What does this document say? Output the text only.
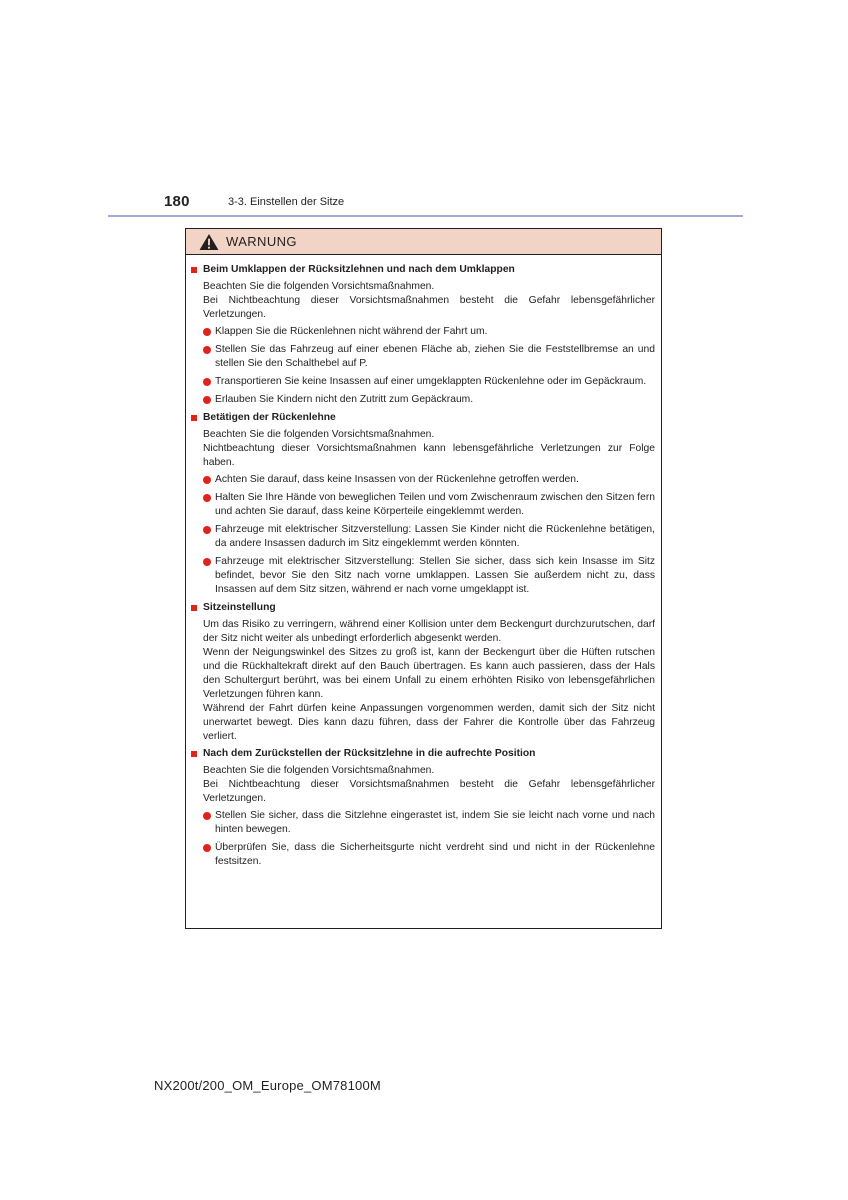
180	3-3. Einstellen der Sitze
WARNUNG
Beim Umklappen der Rücksitzlehnen und nach dem Umklappen

Beachten Sie die folgenden Vorsichtsmaßnahmen.

Bei Nichtbeachtung dieser Vorsichtsmaßnahmen besteht die Gefahr lebensgefährlicher Verletzungen.

Klappen Sie die Rückenlehnen nicht während der Fahrt um.
Stellen Sie das Fahrzeug auf einer ebenen Fläche ab, ziehen Sie die Feststellbremse an und stellen Sie den Schalthebel auf P.
Transportieren Sie keine Insassen auf einer umgeklappten Rückenlehne oder im Gepäckraum.
Erlauben Sie Kindern nicht den Zutritt zum Gepäckraum.
Betätigen der Rückenlehne

Beachten Sie die folgenden Vorsichtsmaßnahmen.

Nichtbeachtung dieser Vorsichtsmaßnahmen kann lebensgefährliche Verletzungen zur Folge haben.

Achten Sie darauf, dass keine Insassen von der Rückenlehne getroffen werden.
Halten Sie Ihre Hände von beweglichen Teilen und vom Zwischenraum zwischen den Sitzen fern und achten Sie darauf, dass keine Körperteile eingeklemmt werden.
Fahrzeuge mit elektrischer Sitzverstellung: Lassen Sie Kinder nicht die Rückenlehne betätigen, da andere Insassen dadurch im Sitz eingeklemmt werden könnten.
Fahrzeuge mit elektrischer Sitzverstellung: Stellen Sie sicher, dass sich kein Insasse im Sitz befindet, bevor Sie den Sitz nach vorne umklappen. Lassen Sie außerdem nicht zu, dass Insassen auf dem Sitz sitzen, während er nach vorne umgeklappt ist.
Sitzeinstellung

Um das Risiko zu verringern, während einer Kollision unter dem Beckengurt durchzurutschen, darf der Sitz nicht weiter als unbedingt erforderlich abgesenkt werden.

Wenn der Neigungswinkel des Sitzes zu groß ist, kann der Beckengurt über die Hüften rutschen und die Rückhaltekraft direkt auf den Bauch übertragen. Es kann auch passieren, dass der Hals den Schultergurt berührt, was bei einem Unfall zu einem erhöhten Risiko von lebensgefährlichen Verletzungen führen kann.

Während der Fahrt dürfen keine Anpassungen vorgenommen werden, damit sich der Sitz nicht unerwartet bewegt. Dies kann dazu führen, dass der Fahrer die Kontrolle über das Fahrzeug verliert.

Nach dem Zurückstellen der Rücksitzlehne in die aufrechte Position

Beachten Sie die folgenden Vorsichtsmaßnahmen.

Bei Nichtbeachtung dieser Vorsichtsmaßnahmen besteht die Gefahr lebensgefährlicher Verletzungen.

Stellen Sie sicher, dass die Sitzlehne eingerastet ist, indem Sie sie leicht nach vorne und nach hinten bewegen.
Überprüfen Sie, dass die Sicherheitsgurte nicht verdreht sind und nicht in der Rückenlehne festsitzen.
NX200t/200_OM_Europe_OM78100M
